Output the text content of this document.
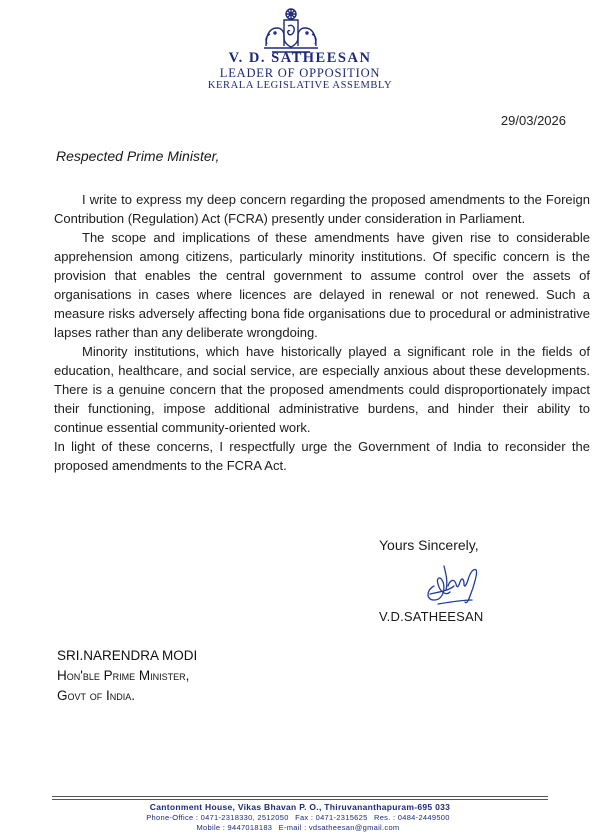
V. D. SATHEESAN
LEADER OF OPPOSITION
KERALA LEGISLATIVE ASSEMBLY
29/03/2026
Respected Prime Minister,

I write to express my deep concern regarding the proposed amendments to the Foreign Contribution (Regulation) Act (FCRA) presently under consideration in Parliament.

The scope and implications of these amendments have given rise to considerable apprehension among citizens, particularly minority institutions. Of specific concern is the provision that enables the central government to assume control over the assets of organisations in cases where licences are delayed in renewal or not renewed. Such a measure risks adversely affecting bona fide organisations due to procedural or administrative lapses rather than any deliberate wrongdoing.

Minority institutions, which have historically played a significant role in the fields of education, healthcare, and social service, are especially anxious about these developments. There is a genuine concern that the proposed amendments could disproportionately impact their functioning, impose additional administrative burdens, and hinder their ability to continue essential community-oriented work.

In light of these concerns, I respectfully urge the Government of India to reconsider the proposed amendments to the FCRA Act.

Yours Sincerely,
V.D.SATHEESAN
SRI.NARENDRA MODI
Hon'ble Prime Minister,
Govt of India.
Cantonment House, Vikas Bhavan P. O., Thiruvananthapuram-695 033
Phone-Office : 0471-2318330, 2512050 Fax : 0471-2315625 Res. : 0484-2449500
Mobile : 9447018183 E-mail : vdsatheesan@gmail.com
